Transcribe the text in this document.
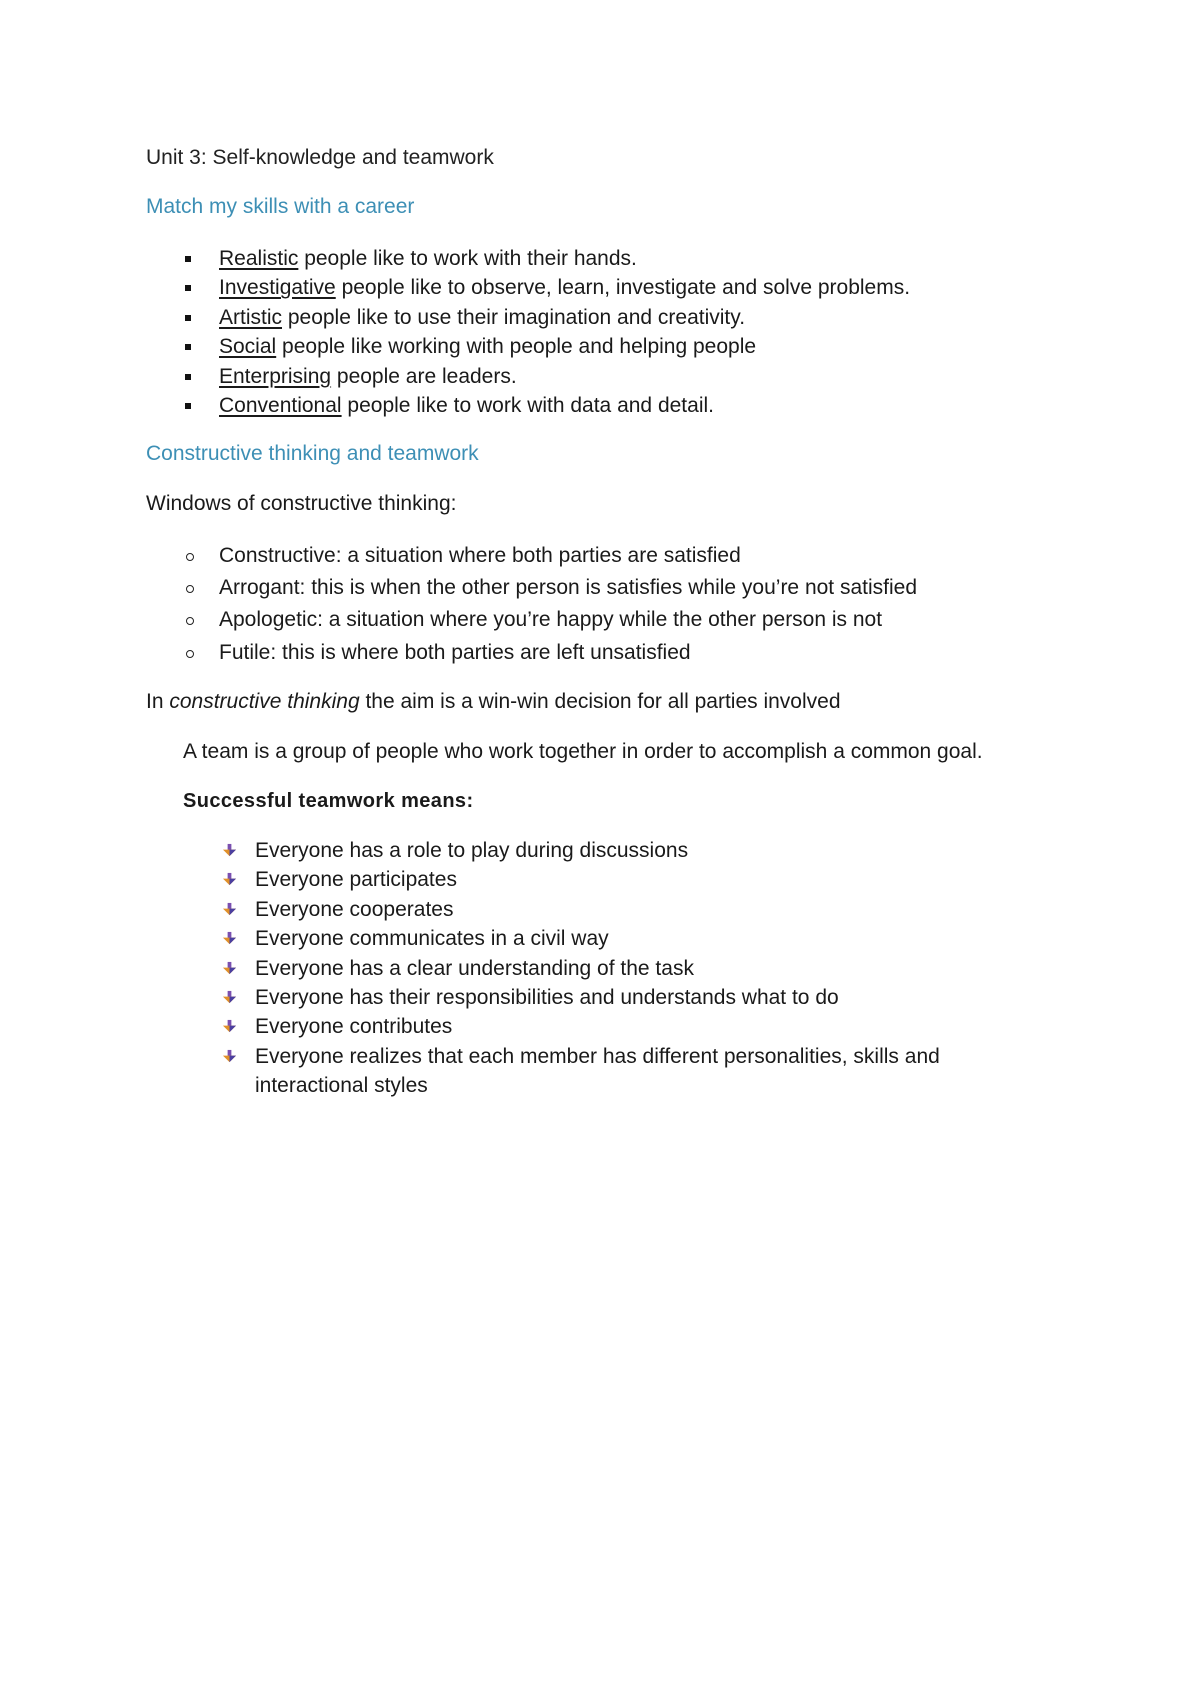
Unit 3: Self-knowledge and teamwork
Match my skills with a career
Realistic people like to work with their hands.
Investigative people like to observe, learn, investigate and solve problems.
Artistic people like to use their imagination and creativity.
Social people like working with people and helping people
Enterprising people are leaders.
Conventional people like to work with data and detail.
Constructive thinking and teamwork
Windows of constructive thinking:
Constructive: a situation where both parties are satisfied
Arrogant: this is when the other person is satisfies while you’re not satisfied
Apologetic: a situation where you’re happy while the other person is not
Futile: this is where both parties are left unsatisfied
In constructive thinking the aim is a win-win decision for all parties involved
A team is a group of people who work together in order to accomplish a common goal.
Successful teamwork means:
Everyone has a role to play during discussions
Everyone participates
Everyone cooperates
Everyone communicates in a civil way
Everyone has a clear understanding of the task
Everyone has their responsibilities and understands what to do
Everyone contributes
Everyone realizes that each member has different personalities, skills and interactional styles
